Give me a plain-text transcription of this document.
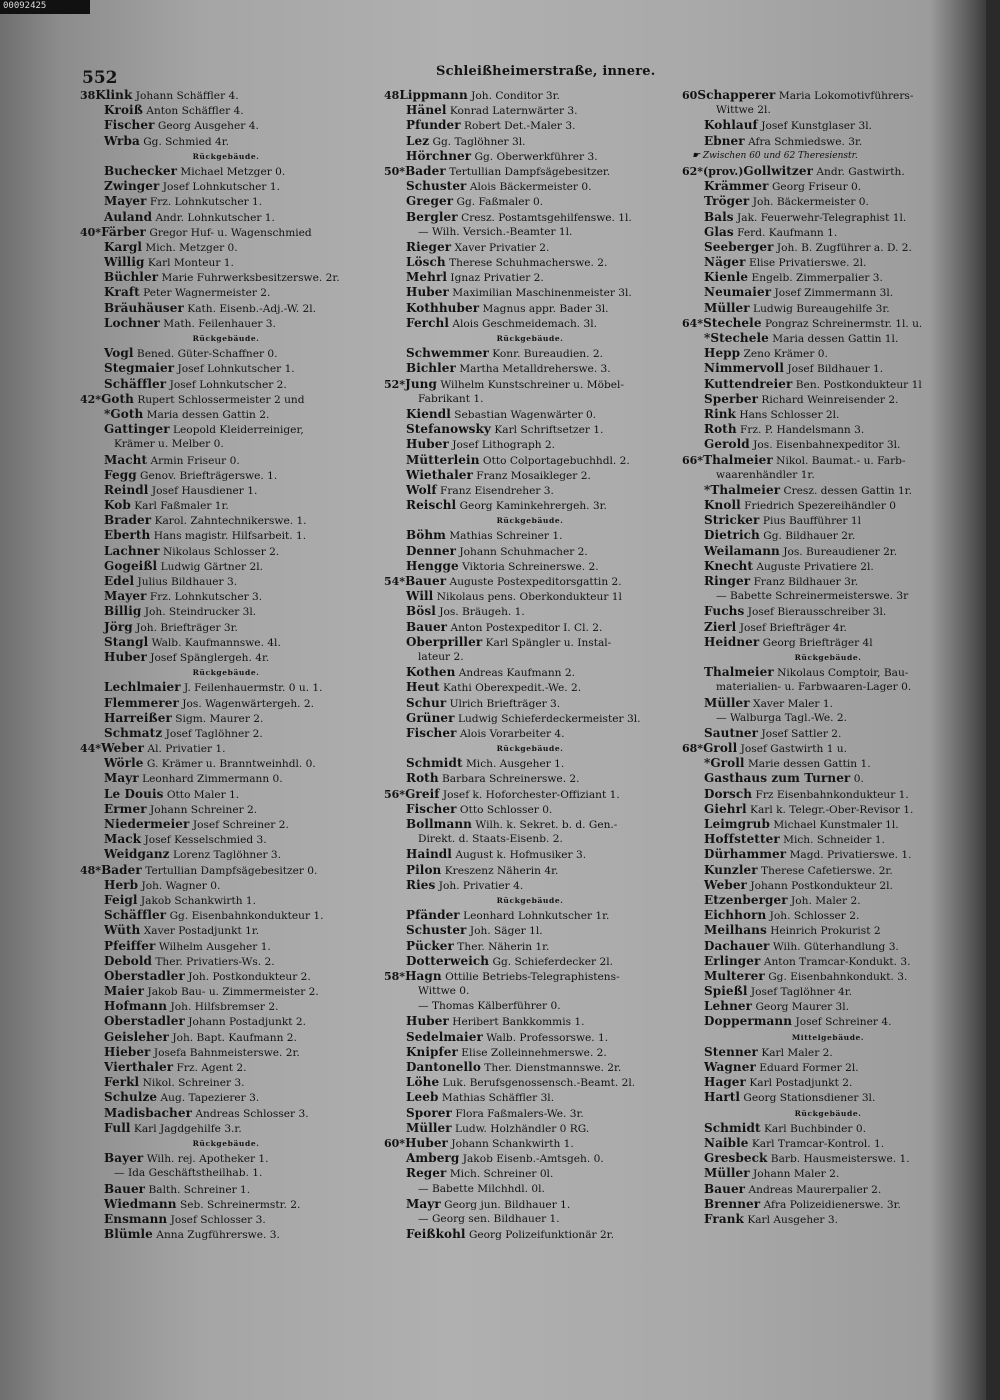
00092425
552	Schleißheimerstraße, innere.
38Klink Johann Schäffler 4.
Kroiß Anton Schäffler 4.
Fischer Georg Ausgeher 4.
Wrba Gg. Schmied 4r.
Rückgebäude.
Buchecker Michael Metzger 0.
Zwinger Josef Lohnkutscher 1.
Mayer Frz. Lohnkutscher 1.
Auland Andr. Lohnkutscher 1.
40*Färber Gregor Huf- u. Wagenschmied
Kargl Mich. Metzger 0.
Willig Karl Monteur 1.
Büchler Marie Fuhrwerksbesitzerswe. 2r.
Kraft Peter Wagnermeister 2.
Bräuhäuser Kath. Eisenb.-Adj.-W. 2l.
Lochner Math. Feilenhauer 3.
Rückgebäude.
Vogl Bened. Güter-Schaffner 0.
Stegmaier Josef Lohnkutscher 1.
Schäffler Josef Lohnkutscher 2.
42*Goth Rupert Schlossermeister 2 und
*Goth Maria dessen Gattin 2.
Gattinger Leopold Kleiderreiniger,
Krämer u. Melber 0.
Macht Armin Friseur 0.
Fegg Genov. Briefträgerswe. 1.
Reindl Josef Hausdiener 1.
Kob Karl Faßmaler 1r.
Brader Karol. Zahntechnikerswe. 1.
Eberth Hans magistr. Hilfsarbeit. 1.
Lachner Nikolaus Schlosser 2.
Gogeißl Ludwig Gärtner 2l.
Edel Julius Bildhauer 3.
Mayer Frz. Lohnkutscher 3.
Billig Joh. Steindrucker 3l.
Jörg Joh. Briefträger 3r.
Stangl Walb. Kaufmannswe. 4l.
Huber Josef Spänglergeh. 4r.
Rückgebäude.
Lechlmaier J. Feilenhauermstr. 0 u. 1.
Flemmerer Jos. Wagenwärtergeh. 2.
Harreißer Sigm. Maurer 2.
Schmatz Josef Taglöhner 2.
44*Weber Al. Privatier 1.
Wörle G. Krämer u. Branntweinhdl. 0.
Mayr Leonhard Zimmermann 0.
Le Douis Otto Maler 1.
Ermer Johann Schreiner 2.
Niedermeier Josef Schreiner 2.
Mack Josef Kesselschmied 3.
Weidganz Lorenz Taglöhner 3.
48*Bader Tertullian Dampfsägebesitzer 0.
Herb Joh. Wagner 0.
Feigl Jakob Schankwirth 1.
Schäffler Gg. Eisenbahnkondukteur 1.
Wüth Xaver Postadjunkt 1r.
Pfeiffer Wilhelm Ausgeher 1.
Debold Ther. Privatiers-Ws. 2.
Oberstadler Joh. Postkondukteur 2.
Maier Jakob Bau- u. Zimmermeister 2.
Hofmann Joh. Hilfsbremser 2.
Oberstadler Johann Postadjunkt 2.
Geisleher Joh. Bapt. Kaufmann 2.
Hieber Josefa Bahnmeisterswe. 2r.
Vierthaler Frz. Agent 2.
Ferkl Nikol. Schreiner 3.
Schulze Aug. Tapezierer 3.
Madisbacher Andreas Schlosser 3.
Full Karl Jagdgehilfe 3.r.
Rückgebäude.
Bayer Wilh. rej. Apotheker 1.
— Ida Geschäftstheilhab. 1.
Bauer Balth. Schreiner 1.
Wiedmann Seb. Schreinermstr. 2.
Ensmann Josef Schlosser 3.
Blümle Anna Zugführerswe. 3.
48Lippmann Joh. Conditor 3r.
Hänel Konrad Laternwärter 3.
Pfunder Robert Det.-Maler 3.
Lez Gg. Taglöhner 3l.
Hörchner Gg. Oberwerkführer 3.
50*Bader Tertullian Dampfsägebesitzer.
Schuster Alois Bäckermeister 0.
Greger Gg. Faßmaler 0.
Bergler Cresz. Postamtsgehilfenswe. 1l.
— Wilh. Versich.-Beamter 1l.
Rieger Xaver Privatier 2.
Lösch Therese Schuhmacherswe. 2.
Mehrl Ignaz Privatier 2.
Huber Maximilian Maschinenmeister 3l.
Kothhuber Magnus appr. Bader 3l.
Ferchl Alois Geschmeidemach. 3l.
Rückgebäude.
Schwemmer Konr. Bureaudien. 2.
Bichler Martha Metalldreherswe. 3.
52*Jung Wilhelm Kunstschreiner u. Möbel-
Fabrikant 1.
Kiendl Sebastian Wagenwärter 0.
Stefanowsky Karl Schriftsetzer 1.
Huber Josef Lithograph 2.
Mütterlein Otto Colportagebuchhdl. 2.
Wiethaler Franz Mosaikleger 2.
Wolf Franz Eisendreher 3.
Reischl Georg Kaminkehrergeh. 3r.
Rückgebäude.
Böhm Mathias Schreiner 1.
Denner Johann Schuhmacher 2.
Hengge Viktoria Schreinerswe. 2.
54*Bauer Auguste Postexpeditorsgattin 2.
Will Nikolaus pens. Oberkondukteur 1l
Bösl Jos. Bräugeh. 1.
Bauer Anton Postexpeditor I. Cl. 2.
Oberpriller Karl Spängler u. Instal-
lateur 2.
Kothen Andreas Kaufmann 2.
Heut Kathi Oberexpedit.-We. 2.
Schur Ulrich Briefträger 3.
Grüner Ludwig Schieferdeckermeister 3l.
Fischer Alois Vorarbeiter 4.
Rückgebäude.
Schmidt Mich. Ausgeher 1.
Roth Barbara Schreinerswe. 2.
56*Greif Josef k. Hoforchester-Offiziant 1.
Fischer Otto Schlosser 0.
Bollmann Wilh. k. Sekret. b. d. Gen.-
Direkt. d. Staats-Eisenb. 2.
Haindl August k. Hofmusiker 3.
Pilon Kreszenz Näherin 4r.
Ries Joh. Privatier 4.
Rückgebäude.
Pfänder Leonhard Lohnkutscher 1r.
Schuster Joh. Säger 1l.
Pücker Ther. Näherin 1r.
Dotterweich Gg. Schieferdecker 2l.
58*Hagn Ottilie Betriebs-Telegraphistens-
Wittwe 0.
— Thomas Kälberführer 0.
Huber Heribert Bankkommis 1.
Sedelmaier Walb. Professorswe. 1.
Knipfer Elise Zolleinnehmerswe. 2.
Dantonello Ther. Dienstmannswe. 2r.
Löhe Luk. Berufsgenossensch.-Beamt. 2l.
Leeb Mathias Schäffler 3l.
Sporer Flora Faßmalers-We. 3r.
Müller Ludw. Holzhändler 0 RG.
60*Huber Johann Schankwirth 1.
Amberg Jakob Eisenb.-Amtsgeh. 0.
Reger Mich. Schreiner 0l.
— Babette Milchhdl. 0l.
Mayr Georg jun. Bildhauer 1.
— Georg sen. Bildhauer 1.
Feißkohl Georg Polizeifunktionär 2r.
60Schapperer Maria Lokomotivführers-
Wittwe 2l.
Kohlauf Josef Kunstglaser 3l.
Ebner Afra Schmiedswe. 3r.
☛ Zwischen 60 und 62 Theresienstr.
62*(prov.)Gollwitzer Andr. Gastwirth.
Krämmer Georg Friseur 0.
Tröger Joh. Bäckermeister 0.
Bals Jak. Feuerwehr-Telegraphist 1l.
Glas Ferd. Kaufmann 1.
Seeberger Joh. B. Zugführer a. D. 2.
Näger Elise Privatierswe. 2l.
Kienle Engelb. Zimmerpalier 3.
Neumaier Josef Zimmermann 3l.
Müller Ludwig Bureaugehilfe 3r.
64*Stechele Pongraz Schreinermstr. 1l. u.
*Stechele Maria dessen Gattin 1l.
Hepp Zeno Krämer 0.
Nimmervoll Josef Bildhauer 1.
Kuttendreier Ben. Postkondukteur 1l
Sperber Richard Weinreisender 2.
Rink Hans Schlosser 2l.
Roth Frz. P. Handelsmann 3.
Gerold Jos. Eisenbahnexpeditor 3l.
66*Thalmeier Nikol. Baumat.- u. Farb-
waarenhändler 1r.
*Thalmeier Cresz. dessen Gattin 1r.
Knoll Friedrich Spezereihändler 0
Stricker Pius Baufführer 1l
Dietrich Gg. Bildhauer 2r.
Weilamann Jos. Bureaudiener 2r.
Knecht Auguste Privatiere 2l.
Ringer Franz Bildhauer 3r.
— Babette Schreinermeisterswe. 3r
Fuchs Josef Bierausschreiber 3l.
Zierl Josef Briefträger 4r.
Heidner Georg Briefträger 4l
Rückgebäude.
Thalmeier Nikolaus Comptoir, Bau-
materialien- u. Farbwaaren-Lager 0.
Müller Xaver Maler 1.
— Walburga Tagl.-We. 2.
Sautner Josef Sattler 2.
68*Groll Josef Gastwirth 1 u.
*Groll Marie dessen Gattin 1.
Gasthaus zum Turner 0.
Dorsch Frz Eisenbahnkondukteur 1.
Giehrl Karl k. Telegr.-Ober-Revisor 1.
Leimgrub Michael Kunstmaler 1l.
Hoffstetter Mich. Schneider 1.
Dürhammer Magd. Privatierswe. 1.
Kunzler Therese Cafetierswe. 2r.
Weber Johann Postkondukteur 2l.
Etzenberger Joh. Maler 2.
Eichhorn Joh. Schlosser 2.
Meilhans Heinrich Prokurist 2
Dachauer Wilh. Güterhandlung 3.
Erlinger Anton Tramcar-Kondukt. 3.
Multerer Gg. Eisenbahnkondukt. 3.
Spießl Josef Taglöhner 4r.
Lehner Georg Maurer 3l.
Doppermann Josef Schreiner 4.
Mittelgebäude.
Stenner Karl Maler 2.
Wagner Eduard Former 2l.
Hager Karl Postadjunkt 2.
Hartl Georg Stationsdiener 3l.
Rückgebäude.
Schmidt Karl Buchbinder 0.
Naible Karl Tramcar-Kontrol. 1.
Gresbeck Barb. Hausmeisterswe. 1.
Müller Johann Maler 2.
Bauer Andreas Maurerpalier 2.
Brenner Afra Polizeidienerswe. 3r.
Frank Karl Ausgeher 3.
